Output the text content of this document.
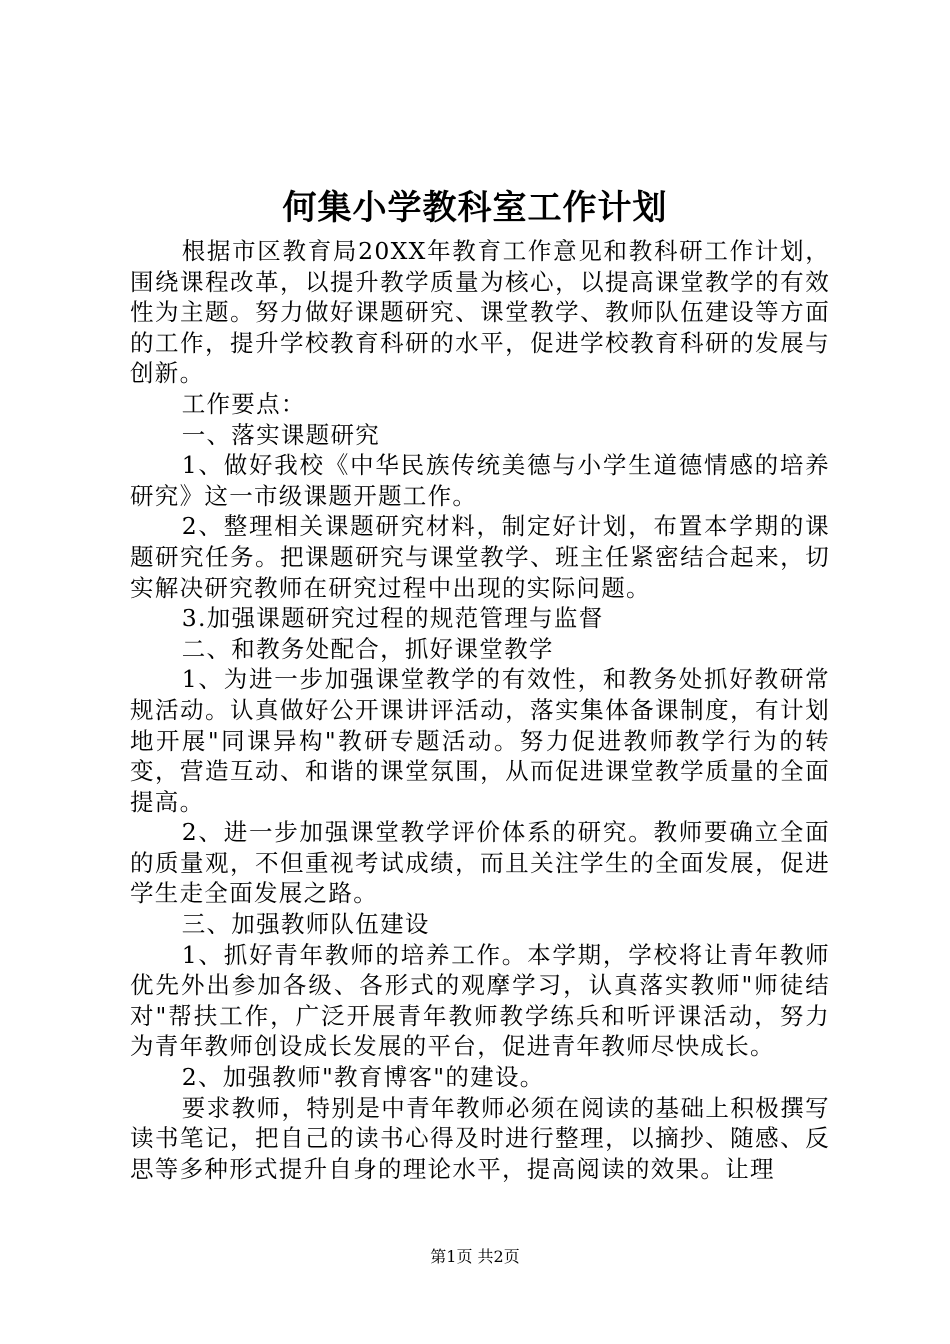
何集小学教科室工作计划

根据市区教育局20XX年教育工作意见和教科研工作计划，围绕课程改革，以提升教学质量为核心，以提高课堂教学的有效性为主题。努力做好课题研究、课堂教学、教师队伍建设等方面的工作，提升学校教育科研的水平，促进学校教育科研的发展与创新。

工作要点：

一、落实课题研究

1、做好我校《中华民族传统美德与小学生道德情感的培养研究》这一市级课题开题工作。

2、整理相关课题研究材料，制定好计划，布置本学期的课题研究任务。把课题研究与课堂教学、班主任紧密结合起来，切实解决研究教师在研究过程中出现的实际问题。

3.加强课题研究过程的规范管理与监督

二、和教务处配合，抓好课堂教学

1、为进一步加强课堂教学的有效性，和教务处抓好教研常规活动。认真做好公开课讲评活动，落实集体备课制度，有计划地开展"同课异构"教研专题活动。努力促进教师教学行为的转变，营造互动、和谐的课堂氛围，从而促进课堂教学质量的全面提高。

2、进一步加强课堂教学评价体系的研究。教师要确立全面的质量观，不但重视考试成绩，而且关注学生的全面发展，促进学生走全面发展之路。

三、加强教师队伍建设

1、抓好青年教师的培养工作。本学期，学校将让青年教师优先外出参加各级、各形式的观摩学习，认真落实教师"师徒结对"帮扶工作，广泛开展青年教师教学练兵和听评课活动，努力为青年教师创设成长发展的平台，促进青年教师尽快成长。

2、加强教师"教育博客"的建设。

要求教师，特别是中青年教师必须在阅读的基础上积极撰写读书笔记，把自己的读书心得及时进行整理，以摘抄、随感、反思等多种形式提升自身的理论水平，提高阅读的效果。让理

第1页 共2页
